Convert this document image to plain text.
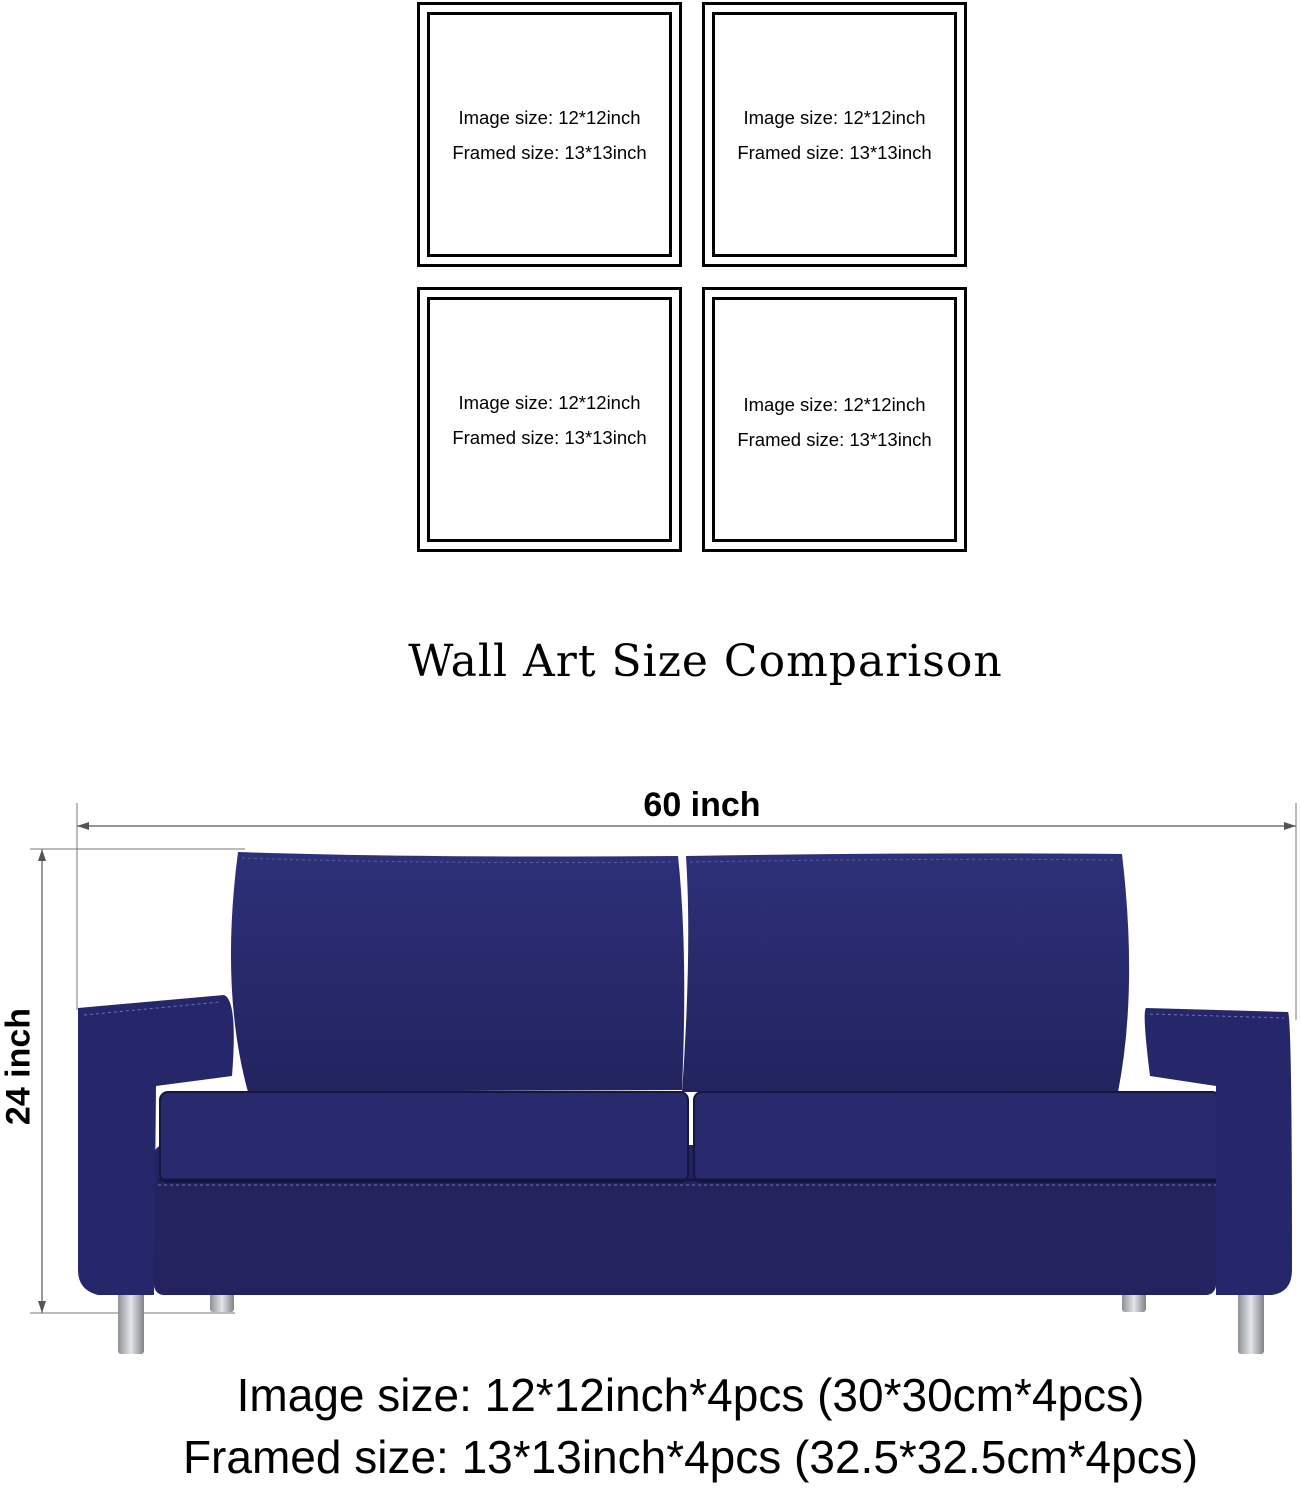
Image size: 12*12inch
Framed size: 13*13inch
Image size: 12*12inch
Framed size: 13*13inch
Image size: 12*12inch
Framed size: 13*13inch
Image size: 12*12inch
Framed size: 13*13inch
Wall Art Size Comparison
60 inch
24 inch
Image size: 12*12inch*4pcs (30*30cm*4pcs)
Framed size: 13*13inch*4pcs (32.5*32.5cm*4pcs)
